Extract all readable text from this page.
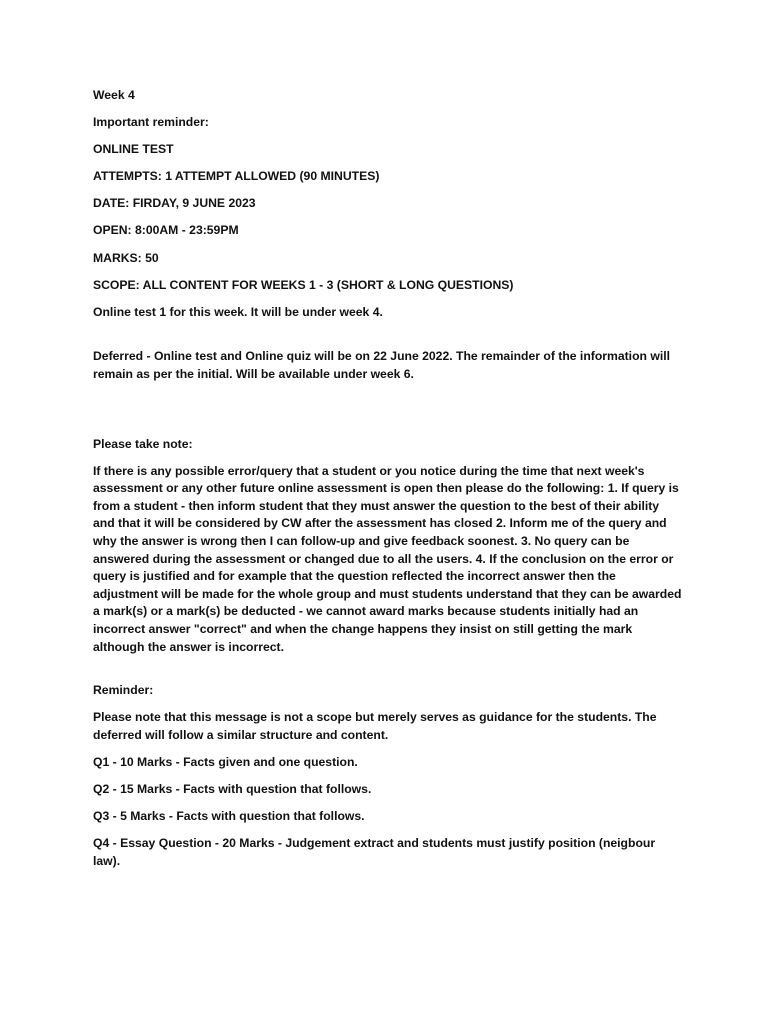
Week 4

Important reminder:

ONLINE TEST

ATTEMPTS: 1 ATTEMPT ALLOWED (90 MINUTES)

DATE: FIRDAY, 9 JUNE 2023

OPEN: 8:00AM - 23:59PM

MARKS: 50

SCOPE: ALL CONTENT FOR WEEKS 1 - 3 (SHORT & LONG QUESTIONS)

Online test 1 for this week. It will be under week 4.

Deferred - Online test and Online quiz will be on 22 June 2022. The remainder of the information will remain as per the initial. Will be available under week 6.

Please take note:

If there is any possible error/query that a student or you notice during the time that next week's assessment or any other future online assessment is open then please do the following: 1. If query is from a student - then inform student that they must answer the question to the best of their ability and that it will be considered by CW after the assessment has closed 2. Inform me of the query and why the answer is wrong then I can follow-up and give feedback soonest. 3. No query can be answered during the assessment or changed due to all the users. 4. If the conclusion on the error or query is justified and for example that the question reflected the incorrect answer then the adjustment will be made for the whole group and must students understand that they can be awarded a mark(s) or a mark(s) be deducted - we cannot award marks because students initially had an incorrect answer "correct" and when the change happens they insist on still getting the mark although the answer is incorrect.

Reminder:

Please note that this message is not a scope but merely serves as guidance for the students. The deferred will follow a similar structure and content.

Q1 - 10 Marks - Facts given and one question.

Q2 - 15 Marks - Facts with question that follows.

Q3 - 5 Marks - Facts with question that follows.

Q4 - Essay Question - 20 Marks - Judgement extract and students must justify position (neigbour law).
